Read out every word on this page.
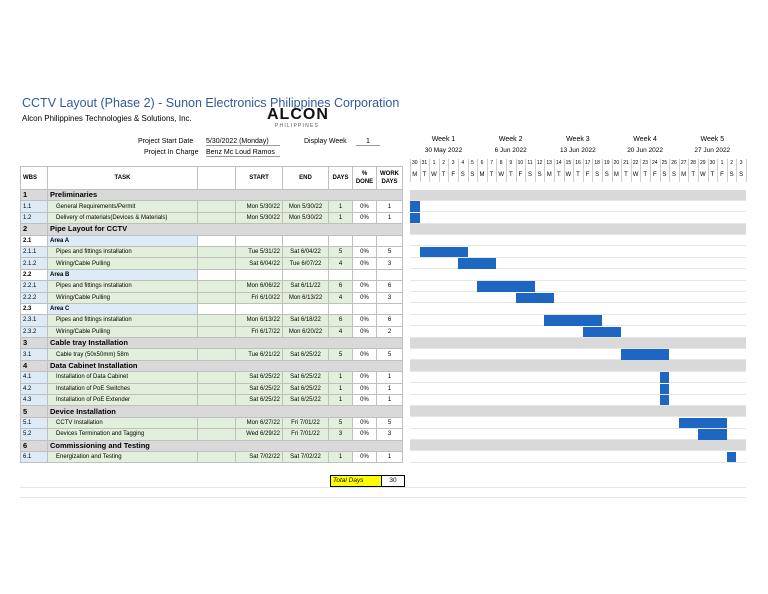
CCTV Layout (Phase 2) - Sunon Electronics Philippines Corporation
Alcon Philippines Technologies & Solutions, Inc.	ALCON
PHILIPPINES
Project Start Date 5/30/2022 (Monday)
Project In Charge Benz Mc Loud Ramos
Display Week	1
WBS	TASK		START	END	DAYS	% DONE	WORK DAYS
1	Preliminaries						
1.1	General Requirements/Permit		Mon 5/30/22	Mon 5/30/22	1	0%	1
1.2	Delivery of materials(Devices & Materials)		Mon 5/30/22	Mon 5/30/22	1	0%	1
2	Pipe Layout for CCTV						
2.1	Area A						
2.1.1	Pipes and fittings installation		Tue 5/31/22	Sat 6/04/22	5	0%	5
2.1.2	Wiring/Cable Pulling		Sat 6/04/22	Tue 6/07/22	4	0%	3
2.2	Area B						
2.2.1	Pipes and fittings installation		Mon 6/06/22	Sat 6/11/22	6	0%	6
2.2.2	Wiring/Cable Pulling		Fri 6/10/22	Mon 6/13/22	4	0%	3
2.3	Area C						
2.3.1	Pipes and fittings installation		Mon 6/13/22	Sat 6/18/22	6	0%	6
2.3.2	Wiring/Cable Pulling		Fri 6/17/22	Mon 6/20/22	4	0%	2
3	Cable tray Installation						
3.1	Cable tray (50x50mm) 58m		Tue 6/21/22	Sat 6/25/22	5	0%	5
4	Data Cabinet Installation						
4.1	Installation of Data Cabinet		Sat 6/25/22	Sat 6/25/22	1	0%	1
4.2	Installation of PoE Switches		Sat 6/25/22	Sat 6/25/22	1	0%	1
4.3	Installation of PoE Extender		Sat 6/25/22	Sat 6/25/22	1	0%	1
5	Device Installation						
5.1	CCTV Installation		Mon 6/27/22	Fri 7/01/22	5	0%	5
5.2	Devices Termination and Tagging		Wed 6/29/22	Fri 7/01/22	3	0%	3
6	Commissioning and Testing						
6.1	Energization and Testing		Sat 7/02/22	Sat 7/02/22	1	0%	1
Week 1
30 May 2022
Week 2
6 Jun 2022
Week 3
13 Jun 2022
Week 4
20 Jun 2022
Week 5
27 Jun 2022
30
M
31
T
1
W
2
T
3
F
4
S
5
S
6
M
7
T
8
W
9
T
10
F
11
S
12
S
13
M
14
T
15
W
16
T
17
F
18
S
19
S
20
M
21
T
22
W
23
T
24
F
25
S
26
S
27
M
28
T
29
W
30
T
1
F
2
S
3
S
Total Days	30
